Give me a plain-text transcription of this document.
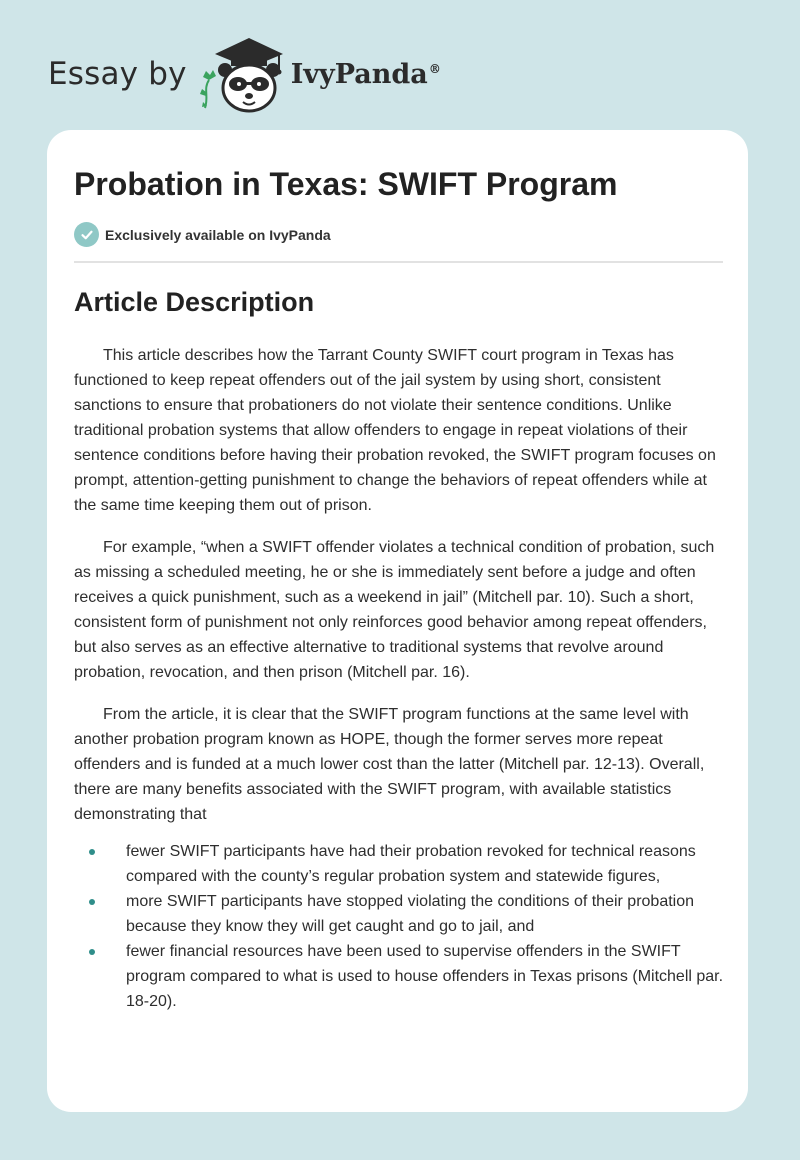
Essay by	IvyPanda®
Probation in Texas: SWIFT Program
Exclusively available on IvyPanda
Article Description

This article describes how the Tarrant County SWIFT court program in Texas has functioned to keep repeat offenders out of the jail system by using short, consistent sanctions to ensure that probationers do not violate their sentence conditions. Unlike traditional probation systems that allow offenders to engage in repeat violations of their sentence conditions before having their probation revoked, the SWIFT program focuses on prompt, attention-getting punishment to change the behaviors of repeat offenders while at the same time keeping them out of prison.

For example, “when a SWIFT offender violates a technical condition of probation, such as missing a scheduled meeting, he or she is immediately sent before a judge and often receives a quick punishment, such as a weekend in jail” (Mitchell par. 10). Such a short, consistent form of punishment not only reinforces good behavior among repeat offenders, but also serves as an effective alternative to traditional systems that revolve around probation, revocation, and then prison (Mitchell par. 16).

From the article, it is clear that the SWIFT program functions at the same level with another probation program known as HOPE, though the former serves more repeat offenders and is funded at a much lower cost than the latter (Mitchell par. 12-13). Overall, there are many benefits associated with the SWIFT program, with available statistics demonstrating that

fewer SWIFT participants have had their probation revoked for technical reasons compared with the county’s regular probation system and statewide figures,
more SWIFT participants have stopped violating the conditions of their probation because they know they will get caught and go to jail, and
fewer financial resources have been used to supervise offenders in the SWIFT program compared to what is used to house offenders in Texas prisons (Mitchell par. 18-20).
